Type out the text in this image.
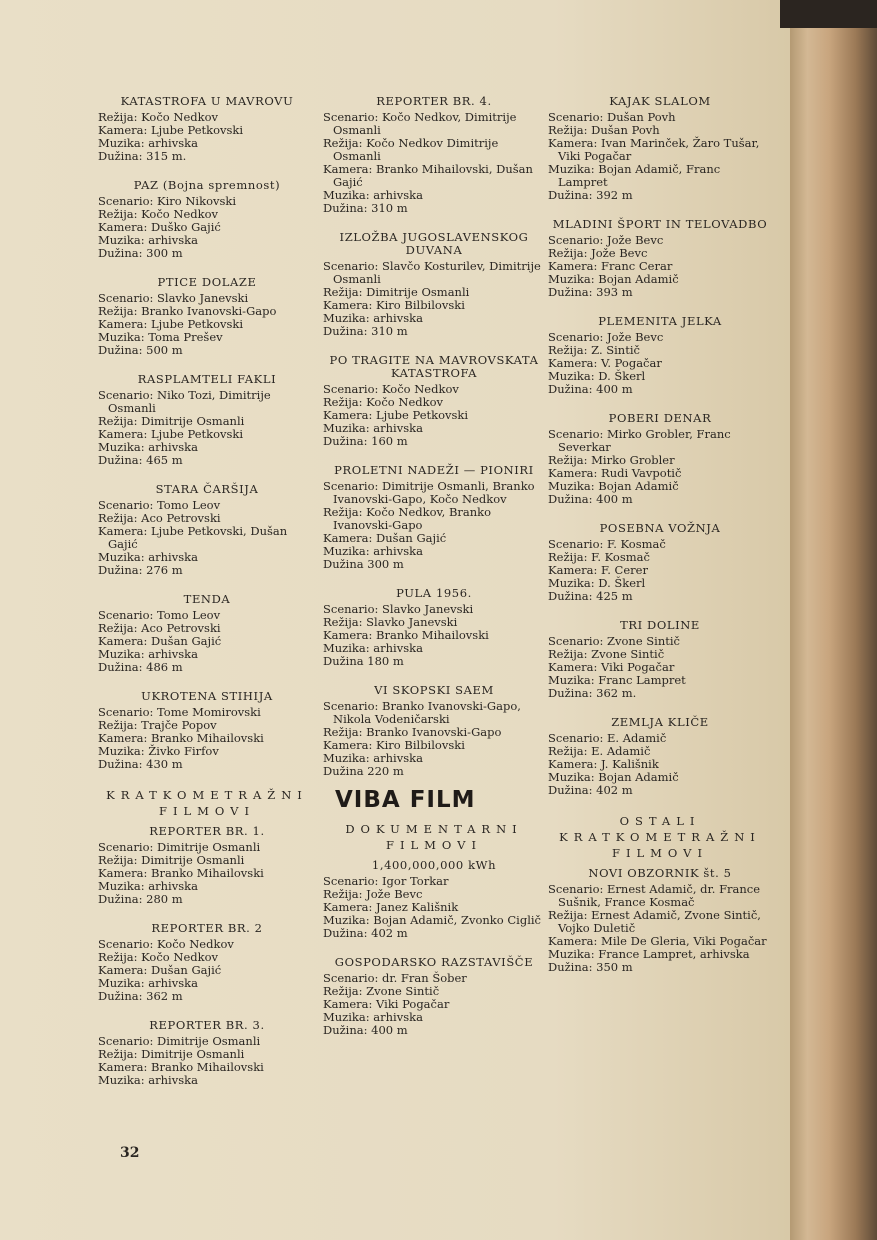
KATASTROFA U MAVROVU
Režija: Kočo Nedkov
Kamera: Ljube Petkovski
Muzika: arhivska
Dužina: 315 m.
PAZ (Bojna spremnost)
Scenario: Kiro Nikovski
Režija: Kočo Nedkov
Kamera: Duško Gajić
Muzika: arhivska
Dužina: 300 m
PTICE DOLAZE
Scenario: Slavko Janevski
Režija: Branko Ivanovski-Gapo
Kamera: Ljube Petkovski
Muzika: Toma Prešev
Dužina: 500 m
RASPLAMTELI FAKLI
Scenario: Niko Tozi, Dimitrije Osmanli
Režija: Dimitrije Osmanli
Kamera: Ljube Petkovski
Muzika: arhivska
Dužina: 465 m
STARA ČARŠIJA
Scenario: Tomo Leov
Režija: Aco Petrovski
Kamera: Ljube Petkovski, Dušan Gajić
Muzika: arhivska
Dužina: 276 m
TENDA
Scenario: Tomo Leov
Režija: Aco Petrovski
Kamera: Dušan Gajić
Muzika: arhivska
Dužina: 486 m
UKROTENA STIHIJA
Scenario: Tome Momirovski
Režija: Trajče Popov
Kamera: Branko Mihailovski
Muzika: Živko Firfov
Dužina: 430 m
KRATKOMETRAŽNI FILMOVI
REPORTER BR. 1.
Scenario: Dimitrije Osmanli
Režija: Dimitrije Osmanli
Kamera: Branko Mihailovski
Muzika: arhivska
Dužina: 280 m
REPORTER BR. 2
Scenario: Kočo Nedkov
Režija: Kočo Nedkov
Kamera: Dušan Gajić
Muzika: arhivska
Dužina: 362 m
REPORTER BR. 3.
Scenario: Dimitrije Osmanli
Režija: Dimitrije Osmanli
Kamera: Branko Mihailovski
Muzika: arhivska
REPORTER BR. 4.
Scenario: Kočo Nedkov, Dimitrije Osmanli
Režija: Kočo Nedkov Dimitrije Osmanli
Kamera: Branko Mihailovski, Dušan Gajić
Muzika: arhivska
Dužina: 310 m
IZLOŽBA JUGOSLAVENSKOG DUVANA
Scenario: Slavčo Kosturilev, Dimitrije Osmanli
Režija: Dimitrije Osmanli
Kamera: Kiro Bilbilovski
Muzika: arhivska
Dužina: 310 m
PO TRAGITE NA MAVROVSKATA KATASTROFA
Scenario: Kočo Nedkov
Režija: Kočo Nedkov
Kamera: Ljube Petkovski
Muzika: arhivska
Dužina: 160 m
PROLETNI NADEŽI — PIONIRI
Scenario: Dimitrije Osmanli, Branko Ivanovski-Gapo, Kočo Nedkov
Režija: Kočo Nedkov, Branko Ivanovski-Gapo
Kamera: Dušan Gajić
Muzika: arhivska
Dužina 300 m
PULA 1956.
Scenario: Slavko Janevski
Režija: Slavko Janevski
Kamera: Branko Mihailovski
Muzika: arhivska
Dužina 180 m
VI SKOPSKI SAEM
Scenario: Branko Ivanovski-Gapo, Nikola Vodeničarski
Režija: Branko Ivanovski-Gapo
Kamera: Kiro Bilbilovski
Muzika: arhivska
Dužina 220 m
VIBA FILM
DOKUMENTARNI FILMOVI
1,400,000,000 kWh
Scenario: Igor Torkar
Režija: Jože Bevc
Kamera: Janez Kališnik
Muzika: Bojan Adamič, Zvonko Ciglič
Dužina: 402 m
GOSPODARSKO RAZSTAVIŠČE
Scenario: dr. Fran Šober
Režija: Zvone Sintič
Kamera: Viki Pogačar
Muzika: arhivska
Dužina: 400 m
KAJAK SLALOM
Scenario: Dušan Povh
Režija: Dušan Povh
Kamera: Ivan Marinček, Žaro Tušar, Viki Pogačar
Muzika: Bojan Adamič, Franc Lampret
Dužina: 392 m
MLADINI ŠPORT IN TELOVADBO
Scenario: Jože Bevc
Režija: Jože Bevc
Kamera: Franc Cerar
Muzika: Bojan Adamič
Dužina: 393 m
PLEMENITA JELKA
Scenario: Jože Bevc
Režija: Z. Sintič
Kamera: V. Pogačar
Muzika: D. Škerl
Dužina: 400 m
POBERI DENAR
Scenario: Mirko Grobler, Franc Severkar
Režija: Mirko Grobler
Kamera: Rudi Vavpotič
Muzika: Bojan Adamič
Dužina: 400 m
POSEBNA VOŽNJA
Scenario: F. Kosmač
Režija: F. Kosmač
Kamera: F. Cerer
Muzika: D. Škerl
Dužina: 425 m
TRI DOLINE
Scenario: Zvone Sintič
Režija: Zvone Sintič
Kamera: Viki Pogačar
Muzika: Franc Lampret
Dužina: 362 m.
ZEMLJA KLIČE
Scenario: E. Adamič
Režija: E. Adamič
Kamera: J. Kališnik
Muzika: Bojan Adamič
Dužina: 402 m
OSTALI KRATKOMETRAŽNI FILMOVI
NOVI OBZORNIK št. 5
Scenario: Ernest Adamič, dr. France Sušnik, France Kosmač
Režija: Ernest Adamič, Zvone Sintič, Vojko Duletič
Kamera: Mile De Gleria, Viki Pogačar
Muzika: France Lampret, arhivska
Dužina: 350 m
32
